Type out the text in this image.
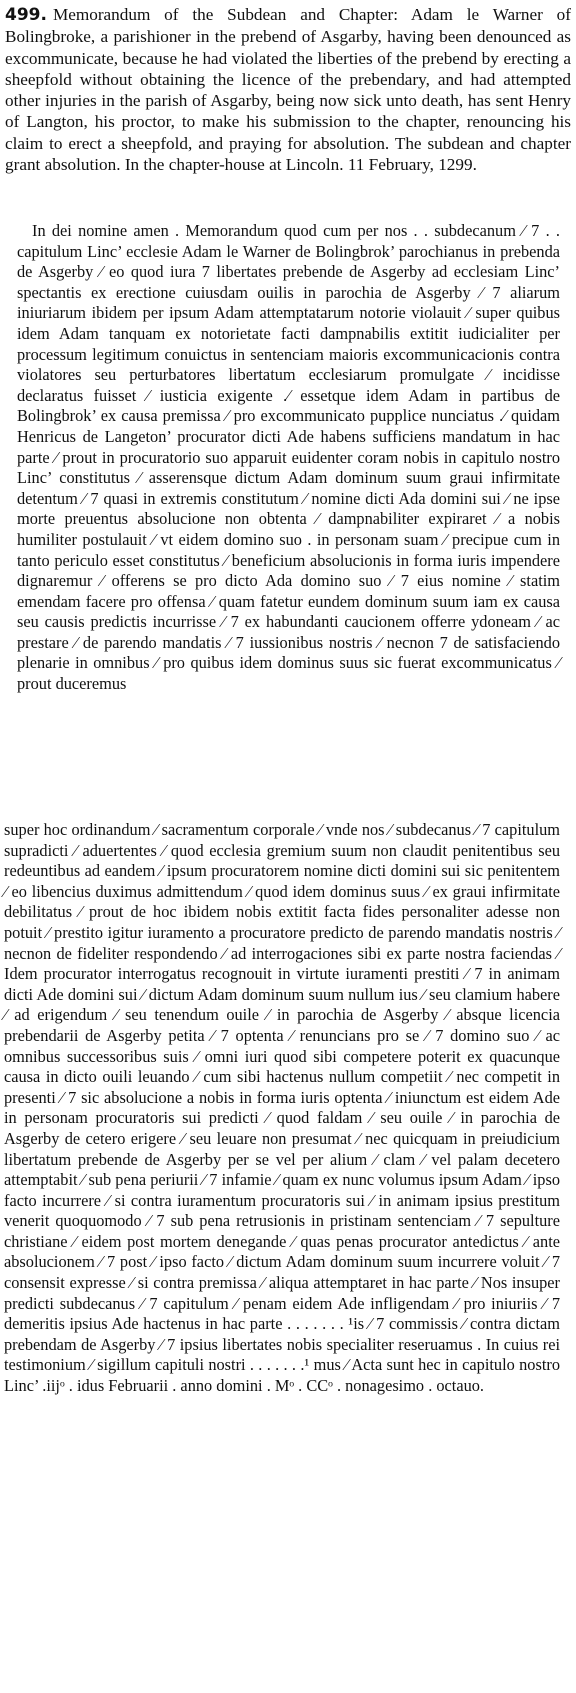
499. Memorandum of the Subdean and Chapter: Adam le Warner of Bolingbroke, a parishioner in the prebend of Asgarby, having been denounced as excommunicate, because he had violated the liberties of the prebend by erecting a sheepfold without obtaining the licence of the prebendary, and had attempted other injuries in the parish of Asgarby, being now sick unto death, has sent Henry of Langton, his proctor, to make his submission to the chapter, renouncing his claim to erect a sheepfold, and praying for absolution. The subdean and chapter grant absolution. In the chapter-house at Lincoln. 11 February, 1299.

In dei nomine amen . Memorandum quod cum per nos . . subdecanum ⁄ 7 . . capitulum Linc’ ecclesie Adam le Warner de Bolingbrok’ parochianus in prebenda de Asgerby ⁄ eo quod iura 7 libertates prebende de Asgerby ad ecclesiam Linc’ spectantis ex erectione cuiusdam ouilis in parochia de Asgerby ⁄ 7 aliarum iniuriarum ibidem per ipsum Adam attemptatarum notorie violauit ⁄ super quibus idem Adam tanquam ex notorietate facti dampnabilis extitit iudicialiter per processum legitimum conuictus in sentenciam maioris excommunicacionis contra violatores seu perturbatores libertatum ecclesiarum promulgate ⁄ incidisse declaratus fuisset ⁄ iusticia exigente .⁄ essetque idem Adam in partibus de Bolingbrok’ ex causa premissa ⁄ pro excommunicato pupplice nunciatus .⁄ quidam Henricus de Langeton’ procurator dicti Ade habens sufficiens mandatum in hac parte ⁄ prout in procuratorio suo apparuit euidenter coram nobis in capitulo nostro Linc’ constitutus ⁄ asserensque dictum Adam dominum suum graui infirmitate detentum ⁄ 7 quasi in extremis constitutum ⁄ nomine dicti Ada domini sui ⁄ ne ipse morte preuentus absolucione non obtenta ⁄ dampnabiliter expiraret ⁄ a nobis humiliter postulauit ⁄ vt eidem domino suo . in personam suam ⁄ precipue cum in tanto periculo esset constitutus ⁄ beneficium absolucionis in forma iuris impendere dignaremur ⁄ offerens se pro dicto Ada domino suo ⁄ 7 eius nomine ⁄ statim emendam facere pro offensa ⁄ quam fatetur eundem dominum suum iam ex causa seu causis predictis incurrisse ⁄ 7 ex habundanti caucionem offerre ydoneam ⁄ ac prestare ⁄ de parendo mandatis ⁄ 7 iussionibus nostris ⁄ necnon 7 de satisfaciendo plenarie in omnibus ⁄ pro quibus idem dominus suus sic fuerat excommunicatus ⁄ prout duceremus

super hoc ordinandum ⁄ sacramentum corporale ⁄ vnde nos ⁄ subdecanus ⁄ 7 capitulum supradicti ⁄ aduertentes ⁄ quod ecclesia gremium suum non claudit penitentibus seu redeuntibus ad eandem ⁄ ipsum procuratorem nomine dicti domini sui sic penitentem ⁄ eo libencius duximus admittendum ⁄ quod idem dominus suus ⁄ ex graui infirmitate debilitatus ⁄ prout de hoc ibidem nobis extitit facta fides personaliter adesse non potuit ⁄ prestito igitur iuramento a procuratore predicto de parendo mandatis nostris ⁄ necnon de fideliter respondendo ⁄ ad interrogaciones sibi ex parte nostra faciendas ⁄ Idem procurator interrogatus recognouit in virtute iuramenti prestiti ⁄ 7 in animam dicti Ade domini sui ⁄ dictum Adam dominum suum nullum ius ⁄ seu clamium habere ⁄ ad erigendum ⁄ seu tenendum ouile ⁄ in parochia de Asgerby ⁄ absque licencia prebendarii de Asgerby petita ⁄ 7 optenta ⁄ renuncians pro se ⁄ 7 domino suo ⁄ ac omnibus successoribus suis ⁄ omni iuri quod sibi competere poterit ex quacunque causa in dicto ouili leuando ⁄ cum sibi hactenus nullum competiit ⁄ nec competit in presenti ⁄ 7 sic absolucione a nobis in forma iuris optenta ⁄ iniunctum est eidem Ade in personam procuratoris sui predicti ⁄ quod faldam ⁄ seu ouile ⁄ in parochia de Asgerby de cetero erigere ⁄ seu leuare non presumat ⁄ nec quicquam in preiudicium libertatum prebende de Asgerby per se vel per alium ⁄ clam ⁄ vel palam decetero attemptabit ⁄ sub pena periurii ⁄ 7 infamie ⁄ quam ex nunc volumus ipsum Adam ⁄ ipso facto incurrere ⁄ si contra iuramentum procuratoris sui ⁄ in animam ipsius prestitum venerit quoquomodo ⁄ 7 sub pena retrusionis in pristinam sentenciam ⁄ 7 sepulture christiane ⁄ eidem post mortem denegande ⁄ quas penas procurator antedictus ⁄ ante absolucionem ⁄ 7 post ⁄ ipso facto ⁄ dictum Adam dominum suum incurrere voluit ⁄ 7 consensit expresse ⁄ si contra premissa ⁄ aliqua attemptaret in hac parte ⁄ Nos insuper predicti subdecanus ⁄ 7 capitulum ⁄ penam eidem Ade infligendam ⁄ pro iniuriis ⁄ 7 demeritis ipsius Ade hactenus in hac parte . . . . . . . ¹is ⁄ 7 commissis ⁄ contra dictam prebendam de Asgerby ⁄ 7 ipsius libertates nobis specialiter reseruamus . In cuius rei testimonium ⁄ sigillum capituli nostri . . . . . . .¹ mus ⁄ Acta sunt hec in capitulo nostro Linc’ .iijᵒ . idus Februarii . anno domini . Mᵒ . CCᵒ . nonagesimo . octauo.
